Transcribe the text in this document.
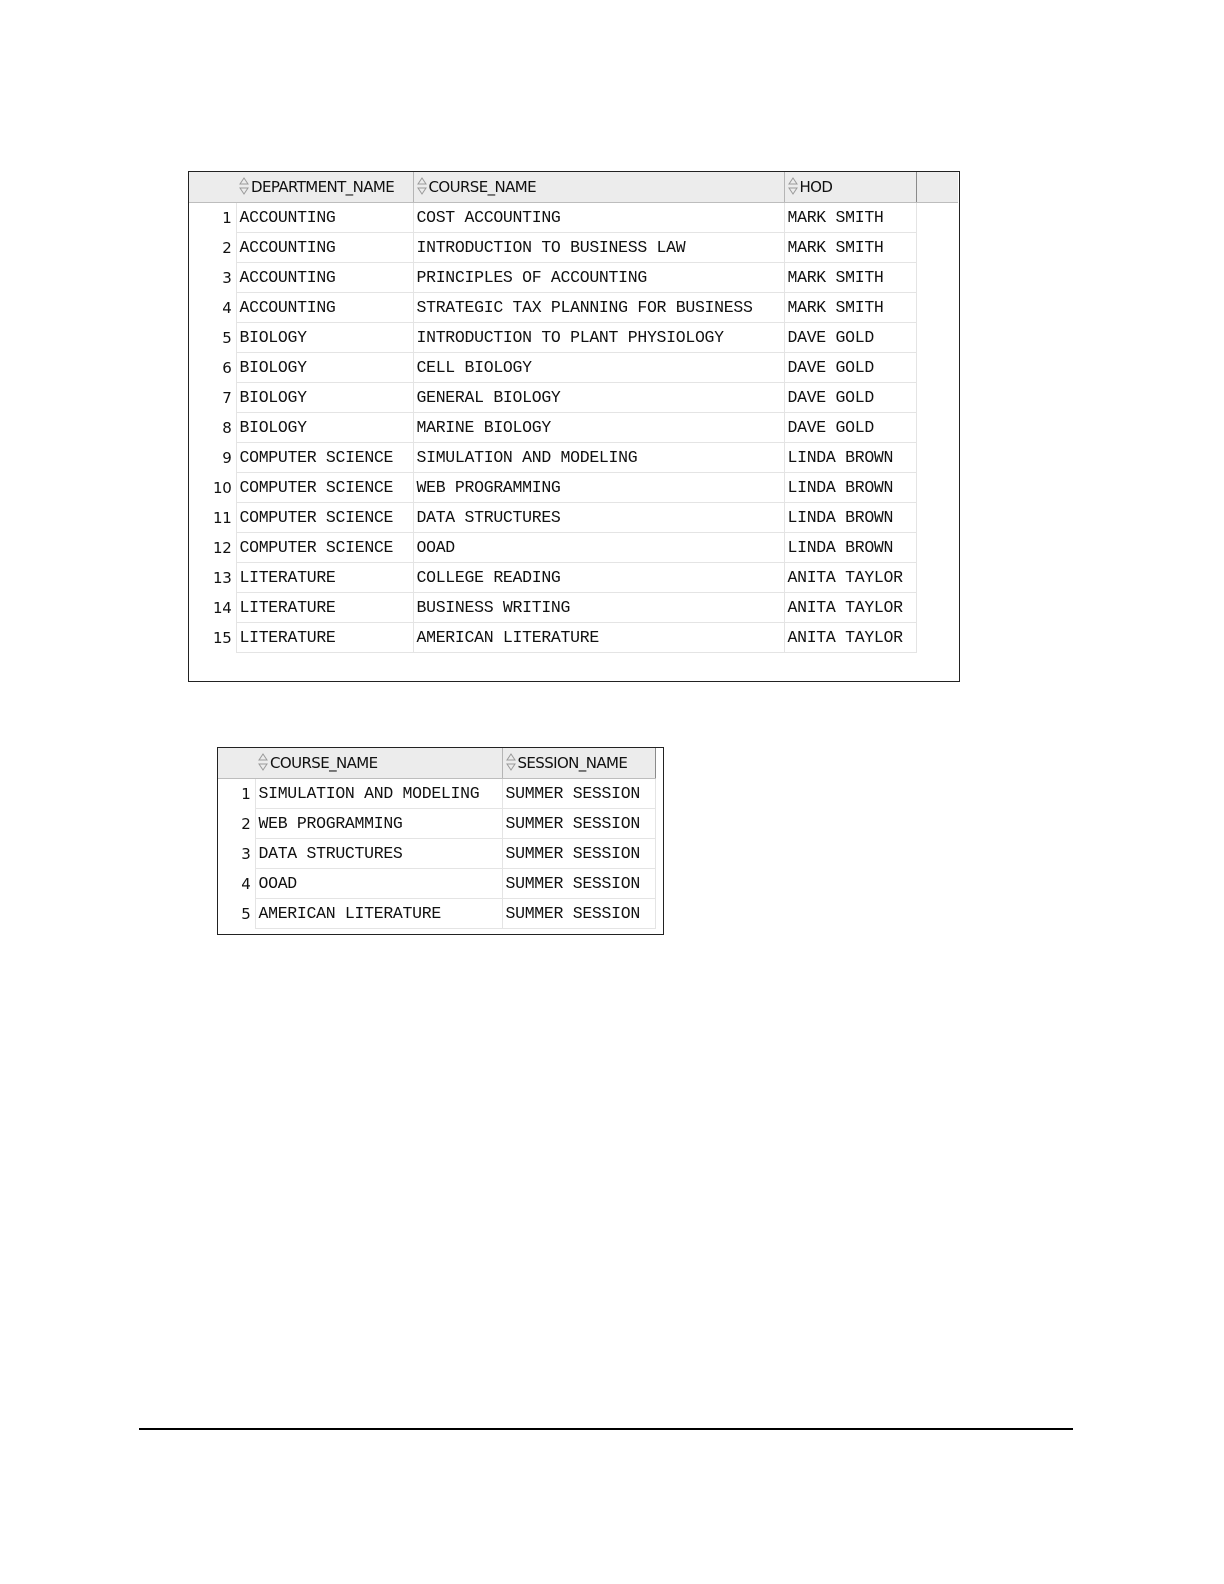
	DEPARTMENT_NAME	COURSE_NAME	HOD	
1	ACCOUNTING	COST ACCOUNTING	MARK SMITH	
2	ACCOUNTING	INTRODUCTION TO BUSINESS LAW	MARK SMITH	
3	ACCOUNTING	PRINCIPLES OF ACCOUNTING	MARK SMITH	
4	ACCOUNTING	STRATEGIC TAX PLANNING FOR BUSINESS	MARK SMITH	
5	BIOLOGY	INTRODUCTION TO PLANT PHYSIOLOGY	DAVE GOLD	
6	BIOLOGY	CELL BIOLOGY	DAVE GOLD	
7	BIOLOGY	GENERAL BIOLOGY	DAVE GOLD	
8	BIOLOGY	MARINE BIOLOGY	DAVE GOLD	
9	COMPUTER SCIENCE	SIMULATION AND MODELING	LINDA BROWN	
10	COMPUTER SCIENCE	WEB PROGRAMMING	LINDA BROWN	
11	COMPUTER SCIENCE	DATA STRUCTURES	LINDA BROWN	
12	COMPUTER SCIENCE	OOAD	LINDA BROWN	
13	LITERATURE	COLLEGE READING	ANITA TAYLOR	
14	LITERATURE	BUSINESS WRITING	ANITA TAYLOR	
15	LITERATURE	AMERICAN LITERATURE	ANITA TAYLOR	
	COURSE_NAME	SESSION_NAME
1	SIMULATION AND MODELING	SUMMER SESSION
2	WEB PROGRAMMING	SUMMER SESSION
3	DATA STRUCTURES	SUMMER SESSION
4	OOAD	SUMMER SESSION
5	AMERICAN LITERATURE	SUMMER SESSION
